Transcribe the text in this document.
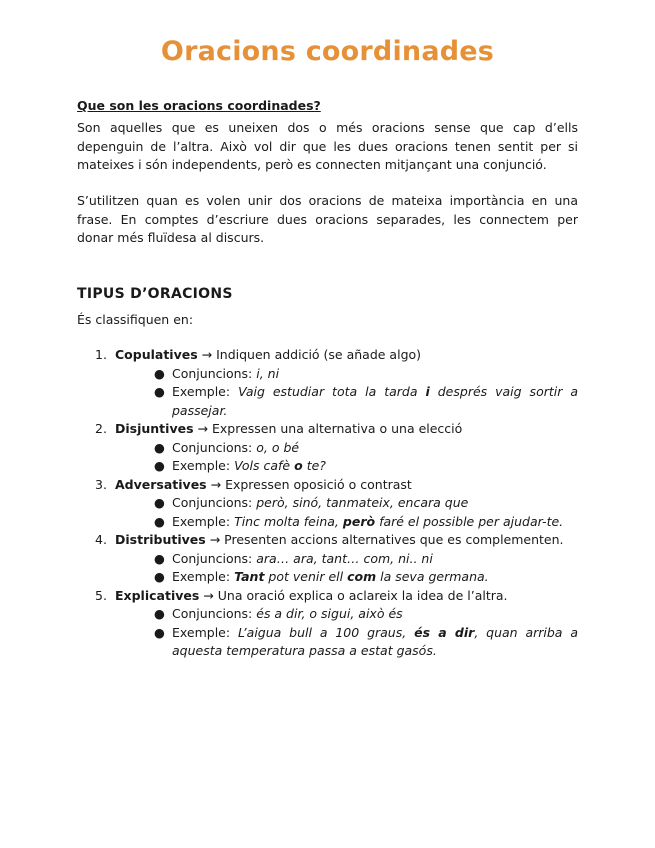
Oracions coordinades
Que son les oracions coordinades?

Son aquelles que es uneixen dos o més oracions sense que cap d’ells depenguin de l’altra. Això vol dir que les dues oracions tenen sentit per si mateixes i són independents, però es connecten mitjançant una conjunció.

S’utilitzen quan es volen unir dos oracions de mateixa importància en una frase. En comptes d’escriure dues oracions separades, les connectem per donar més fluïdesa al discurs.

TIPUS D’ORACIONS
És classifiquen en:
1. Copulatives → Indiquen addició (se añade algo)
● Conjuncions: i, ni
● Exemple: Vaig estudiar tota la tarda i després vaig sortir a passejar.
2. Disjuntives → Expressen una alternativa o una elecció
● Conjuncions: o, o bé
● Exemple: Vols cafè o te?
3. Adversatives → Expressen oposició o contrast
● Conjuncions: però, sinó, tanmateix, encara que
● Exemple: Tinc molta feina, però faré el possible per ajudar-te.
4. Distributives → Presenten accions alternatives que es complementen.
● Conjuncions: ara… ara, tant… com, ni.. ni
● Exemple: Tant pot venir ell com la seva germana.
5. Explicatives → Una oració explica o aclareix la idea de l’altra.
● Conjuncions: és a dir, o sigui, això és
● Exemple: L’aigua bull a 100 graus, és a dir, quan arriba a aquesta temperatura passa a estat gasós.
